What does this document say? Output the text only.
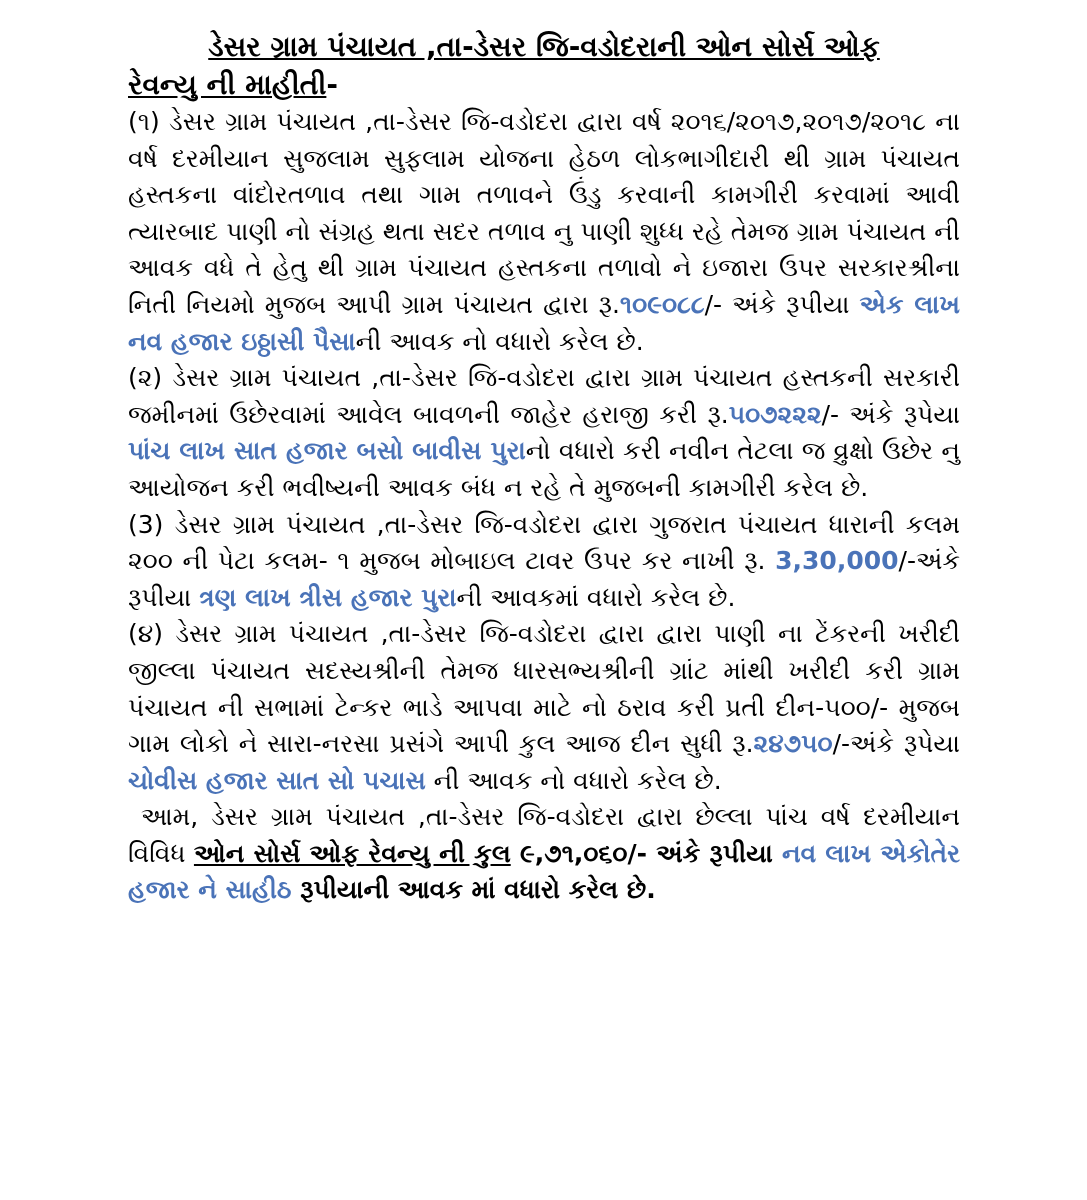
ડેસર ગ્રામ પંચાયત ,તા-ડેસર જિ-વડોદરાની ઓન સોર્સ ઓફ

રેવન્યુ ની માહીતી-

(૧) ડેસર ગ્રામ પંચાયત ,તા-ડેસર જિ-વડોદરા દ્વારા વર્ષ ૨૦૧૬/૨૦૧૭,૨૦૧૭/૨૦૧૮ ના વર્ષ દરમીયાન સુજલામ સુફલામ યોજના હેઠળ લોકભાગીદારી થી ગ્રામ પંચાયત હસ્તકના વાંદોરતળાવ તથા ગામ તળાવને ઉંડુ કરવાની કામગીરી કરવામાં આવી ત્યારબાદ પાણી નો સંગ્રહ થતા સદર તળાવ નુ પાણી શુધ્ધ રહે તેમજ ગ્રામ પંચાયત ની આવક વધે તે હેતુ થી ગ્રામ પંચાયત હસ્તકના તળાવો ને ઇજારા ઉપર સરકારશ્રીના નિતી નિયમો મુજબ આપી ગ્રામ પંચાયત દ્વારા રૂ.૧૦૯૦૮૮/- અંકે રૂપીયા એક લાખ નવ હજાર ઇઠ્ઠાસી પૈસાની આવક નો વધારો કરેલ છે.

(૨) ડેસર ગ્રામ પંચાયત ,તા-ડેસર જિ-વડોદરા દ્વારા ગ્રામ પંચાયત હસ્તકની સરકારી જમીનમાં ઉછેરવામાં આવેલ બાવળની જાહેર હરાજી કરી રૂ.૫૦૭૨૨૨/- અંકે રૂપેયા પાંચ લાખ સાત હજાર બસો બાવીસ પુરાનો વધારો કરી નવીન તેટલા જ વ્રુક્ષો ઉછેર નુ આયોજન કરી ભવીષ્યની આવક બંધ ન રહે તે મુજબની કામગીરી કરેલ છે.

(3) ડેસર ગ્રામ પંચાયત ,તા-ડેસર જિ-વડોદરા દ્વારા ગુજરાત પંચાયત ધારાની કલમ ૨૦૦ ની પેટા કલમ- ૧ મુજબ મોબાઇલ ટાવર ઉપર કર નાખી રૂ. 3,30,000/-અંકે રૂપીયા ત્રણ લાખ ત્રીસ હજાર પુરાની આવકમાં વધારો કરેલ છે.

(૪) ડેસર ગ્રામ પંચાયત ,તા-ડેસર જિ-વડોદરા દ્વારા દ્વારા પાણી ના ટેંકરની ખરીદી જીલ્લા પંચાયત સદસ્યશ્રીની તેમજ ધારસભ્યશ્રીની ગ્રાંટ માંથી ખરીદી કરી ગ્રામ પંચાયત ની સભામાં ટેન્કર ભાડે આપવા માટે નો ઠરાવ કરી પ્રતી દીન-૫૦૦/- મુજબ ગામ લોકો ને સારા-નરસા પ્રસંગે આપી કુલ આજ દીન સુધી રૂ.૨૪૭૫૦/-અંકે રૂપેયા ચોવીસ હજાર સાત સો પચાસ ની આવક નો વધારો કરેલ છે.

આમ, ડેસર ગ્રામ પંચાયત ,તા-ડેસર જિ-વડોદરા દ્વારા છેલ્લા પાંચ વર્ષ દરમીયાન વિવિધ ઓન સોર્સ ઓફ રેવન્યુ ની કુલ ૯,૭૧,૦૬૦/- અંકે રૂપીયા નવ લાખ એકોતેર હજાર ને સાહીઠ રૂપીયાની આવક માં વધારો કરેલ છે.
